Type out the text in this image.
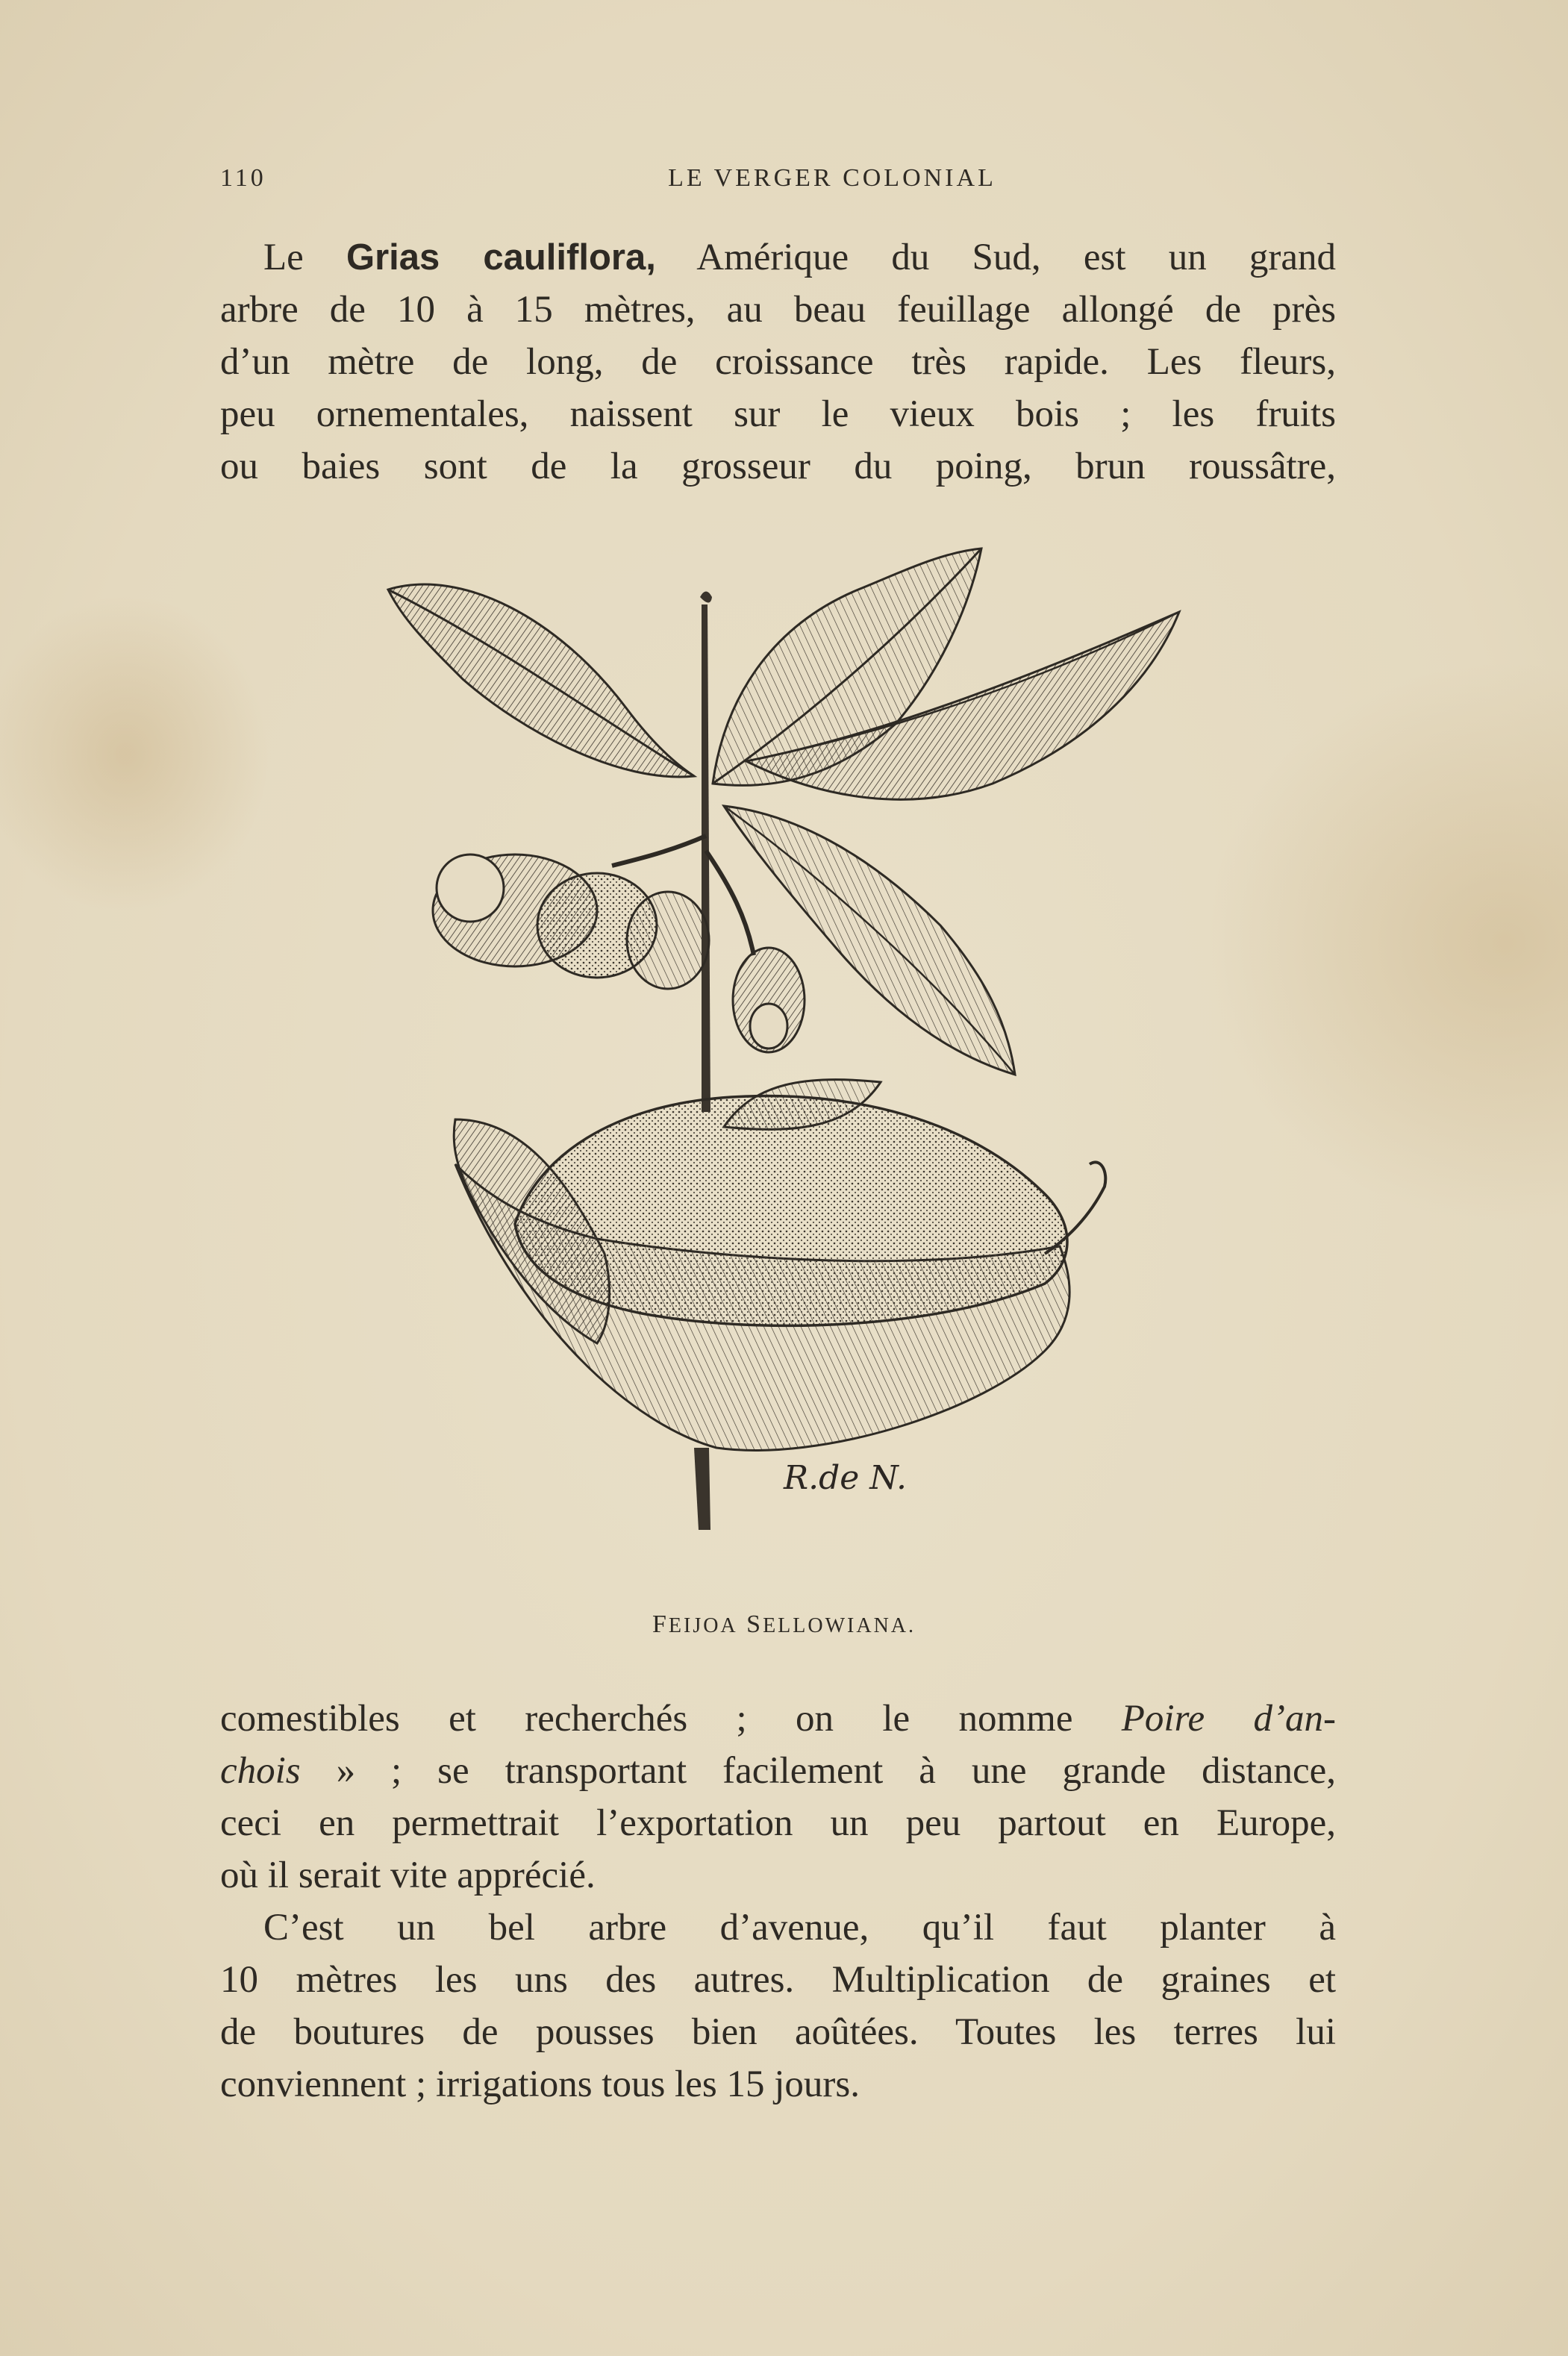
110	LE VERGER COLONIAL

Le Grias cauliflora, Amérique du Sud, est un grand
arbre de 10 à 15 mètres, au beau feuillage allongé de près
d’un mètre de long, de croissance très rapide. Les fleurs,
peu ornementales, naissent sur le vieux bois ; les fruits
ou baies sont de la grosseur du poing, brun roussâtre,

R.de N.
FEIJOA SELLOWIANA.

comestibles et recherchés ; on le nomme Poire d’an-
chois » ; se transportant facilement à une grande distance,
ceci en permettrait l’exportation un peu partout en Europe,
où il serait vite apprécié.

C’est un bel arbre d’avenue, qu’il faut planter à
10 mètres les uns des autres. Multiplication de graines et
de boutures de pousses bien aoûtées. Toutes les terres lui
conviennent ; irrigations tous les 15 jours.
